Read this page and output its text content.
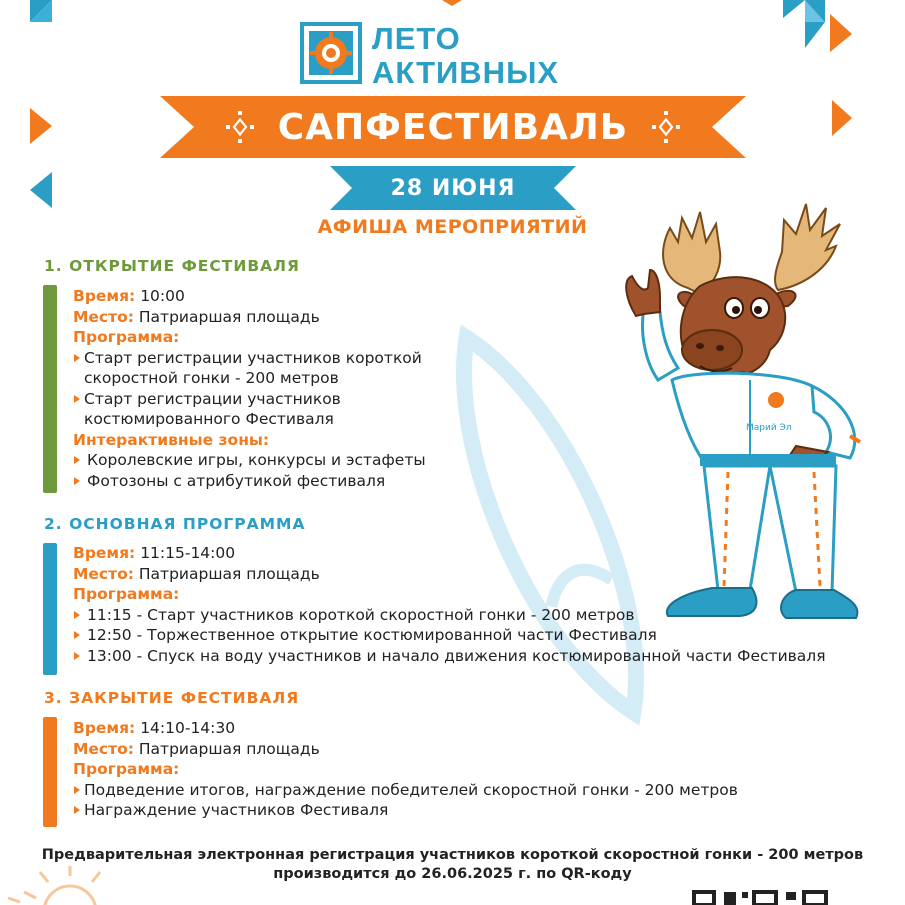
ЛЕТО
АКТИВНЫХ
САПФЕСТИВАЛЬ
28 ИЮНЯ
АФИША МЕРОПРИЯТИЙ
1. ОТКРЫТИЕ ФЕСТИВАЛЯ
Время: 10:00
Место: Патриаршая площадь
Программа:
Старт регистрации участников короткой
скоростной гонки - 200 метров
Старт регистрации участников
костюмированного Фестиваля
Интерактивные зоны:
Королевские игры, конкурсы и эстафеты
Фотозоны с атрибутикой фестиваля
2. ОСНОВНАЯ ПРОГРАММА
Время: 11:15-14:00
Место: Патриаршая площадь
Программа:
11:15 - Старт участников короткой скоростной гонки - 200 метров
12:50 - Торжественное открытие костюмированной части Фестиваля
13:00 - Спуск на воду участников и начало движения костюмированной части Фестиваля
3. ЗАКРЫТИЕ ФЕСТИВАЛЯ
Время: 14:10-14:30
Место: Патриаршая площадь
Программа:
Подведение итогов, награждение победителей скоростной гонки - 200 метров
Награждение участников Фестиваля
Марий Эл
Предварительная электронная регистрация участников короткой скоростной гонки - 200 метров
производится до 26.06.2025 г. по QR-коду
